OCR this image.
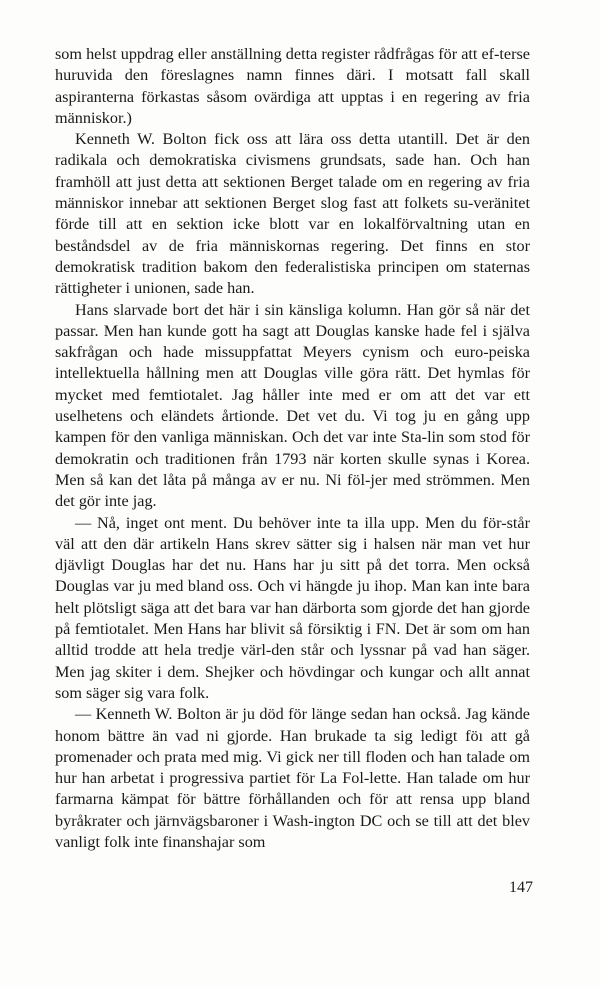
som helst uppdrag eller anställning detta register rådfrågas för att ef-terse huruvida den föreslagnes namn finnes däri. I motsatt fall skall aspiranterna förkastas såsom ovärdiga att upptas i en regering av fria människor.)

Kenneth W. Bolton fick oss att lära oss detta utantill. Det är den radikala och demokratiska civismens grundsats, sade han. Och han framhöll att just detta att sektionen Berget talade om en regering av fria människor innebar att sektionen Berget slog fast att folkets su-veränitet förde till att en sektion icke blott var en lokalförvaltning utan en beståndsdel av de fria människornas regering. Det finns en stor demokratisk tradition bakom den federalistiska principen om staternas rättigheter i unionen, sade han.

Hans slarvade bort det här i sin känsliga kolumn. Han gör så när det passar. Men han kunde gott ha sagt att Douglas kanske hade fel i själva sakfrågan och hade missuppfattat Meyers cynism och euro-peiska intellektuella hållning men att Douglas ville göra rätt. Det hymlas för mycket med femtiotalet. Jag håller inte med er om att det var ett uselhetens och eländets årtionde. Det vet du. Vi tog ju en gång upp kampen för den vanliga människan. Och det var inte Sta-lin som stod för demokratin och traditionen från 1793 när korten skulle synas i Korea. Men så kan det låta på många av er nu. Ni föl-jer med strömmen. Men det gör inte jag.

— Nå, inget ont ment. Du behöver inte ta illa upp. Men du för-står väl att den där artikeln Hans skrev sätter sig i halsen när man vet hur djävligt Douglas har det nu. Hans har ju sitt på det torra. Men också Douglas var ju med bland oss. Och vi hängde ju ihop. Man kan inte bara helt plötsligt säga att det bara var han därborta som gjorde det han gjorde på femtiotalet. Men Hans har blivit så försiktig i FN. Det är som om han alltid trodde att hela tredje värl-den står och lyssnar på vad han säger. Men jag skiter i dem. Shejker och hövdingar och kungar och allt annat som säger sig vara folk.

— Kenneth W. Bolton är ju död för länge sedan han också. Jag kände honom bättre än vad ni gjorde. Han brukade ta sig ledigt föı att gå promenader och prata med mig. Vi gick ner till floden och han talade om hur han arbetat i progressiva partiet för La Fol-lette. Han talade om hur farmarna kämpat för bättre förhållanden och för att rensa upp bland byråkrater och järnvägsbaroner i Wash-ington DC och se till att det blev vanligt folk inte finanshajar som

147
